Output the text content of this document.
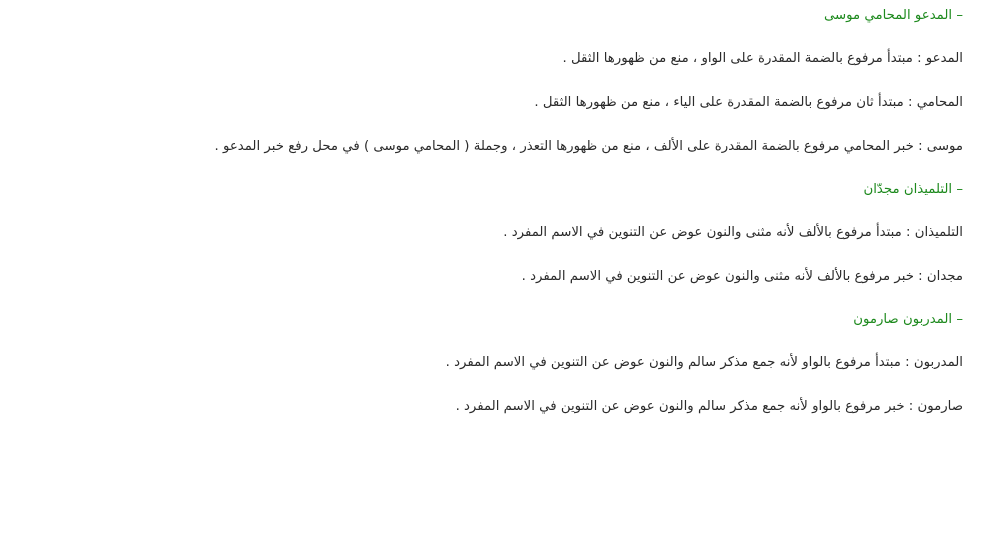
– المدعو المحامي موسى

المدعو : مبتدأ مرفوع بالضمة المقدرة على الواو ، منع من ظهورها الثقل .

المحامي : مبتدأ ثان مرفوع بالضمة المقدرة على الياء ، منع من ظهورها الثقل .

موسى : خبر المحامي مرفوع بالضمة المقدرة على الألف ، منع من ظهورها التعذر ، وجملة ( المحامي موسى ) في محل رفع خبر المدعو .

– التلميذان مجدّان

التلميذان : مبتدأ مرفوع بالألف لأنه مثنى والنون عوض عن التنوين في الاسم المفرد .

مجدان : خبر مرفوع بالألف لأنه مثنى والنون عوض عن التنوين في الاسم المفرد .

– المدربون صارمون

المدربون : مبتدأ مرفوع بالواو لأنه جمع مذكر سالم والنون عوض عن التنوين في الاسم المفرد .

صارمون : خبر مرفوع بالواو لأنه جمع مذكر سالم والنون عوض عن التنوين في الاسم المفرد .
